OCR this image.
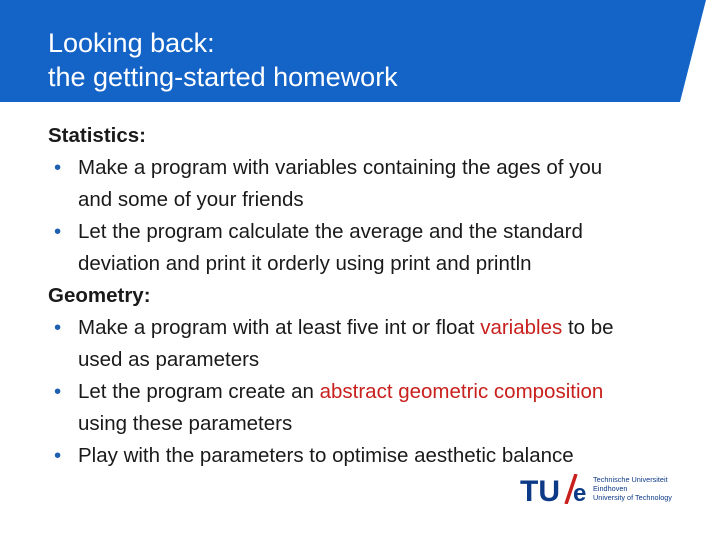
Looking back:
the getting-started homework
Statistics:
• Make a program with variables containing the ages of you
and some of your friends
• Let the program calculate the average and the standard
deviation and print it orderly using print and println
Geometry:
• Make a program with at least five int or float variables to be
used as parameters
• Let the program create an abstract geometric composition
using these parameters
• Play with the parameters to optimise aesthetic balance
TU e
Technische Universiteit
Eindhoven
University of Technology
